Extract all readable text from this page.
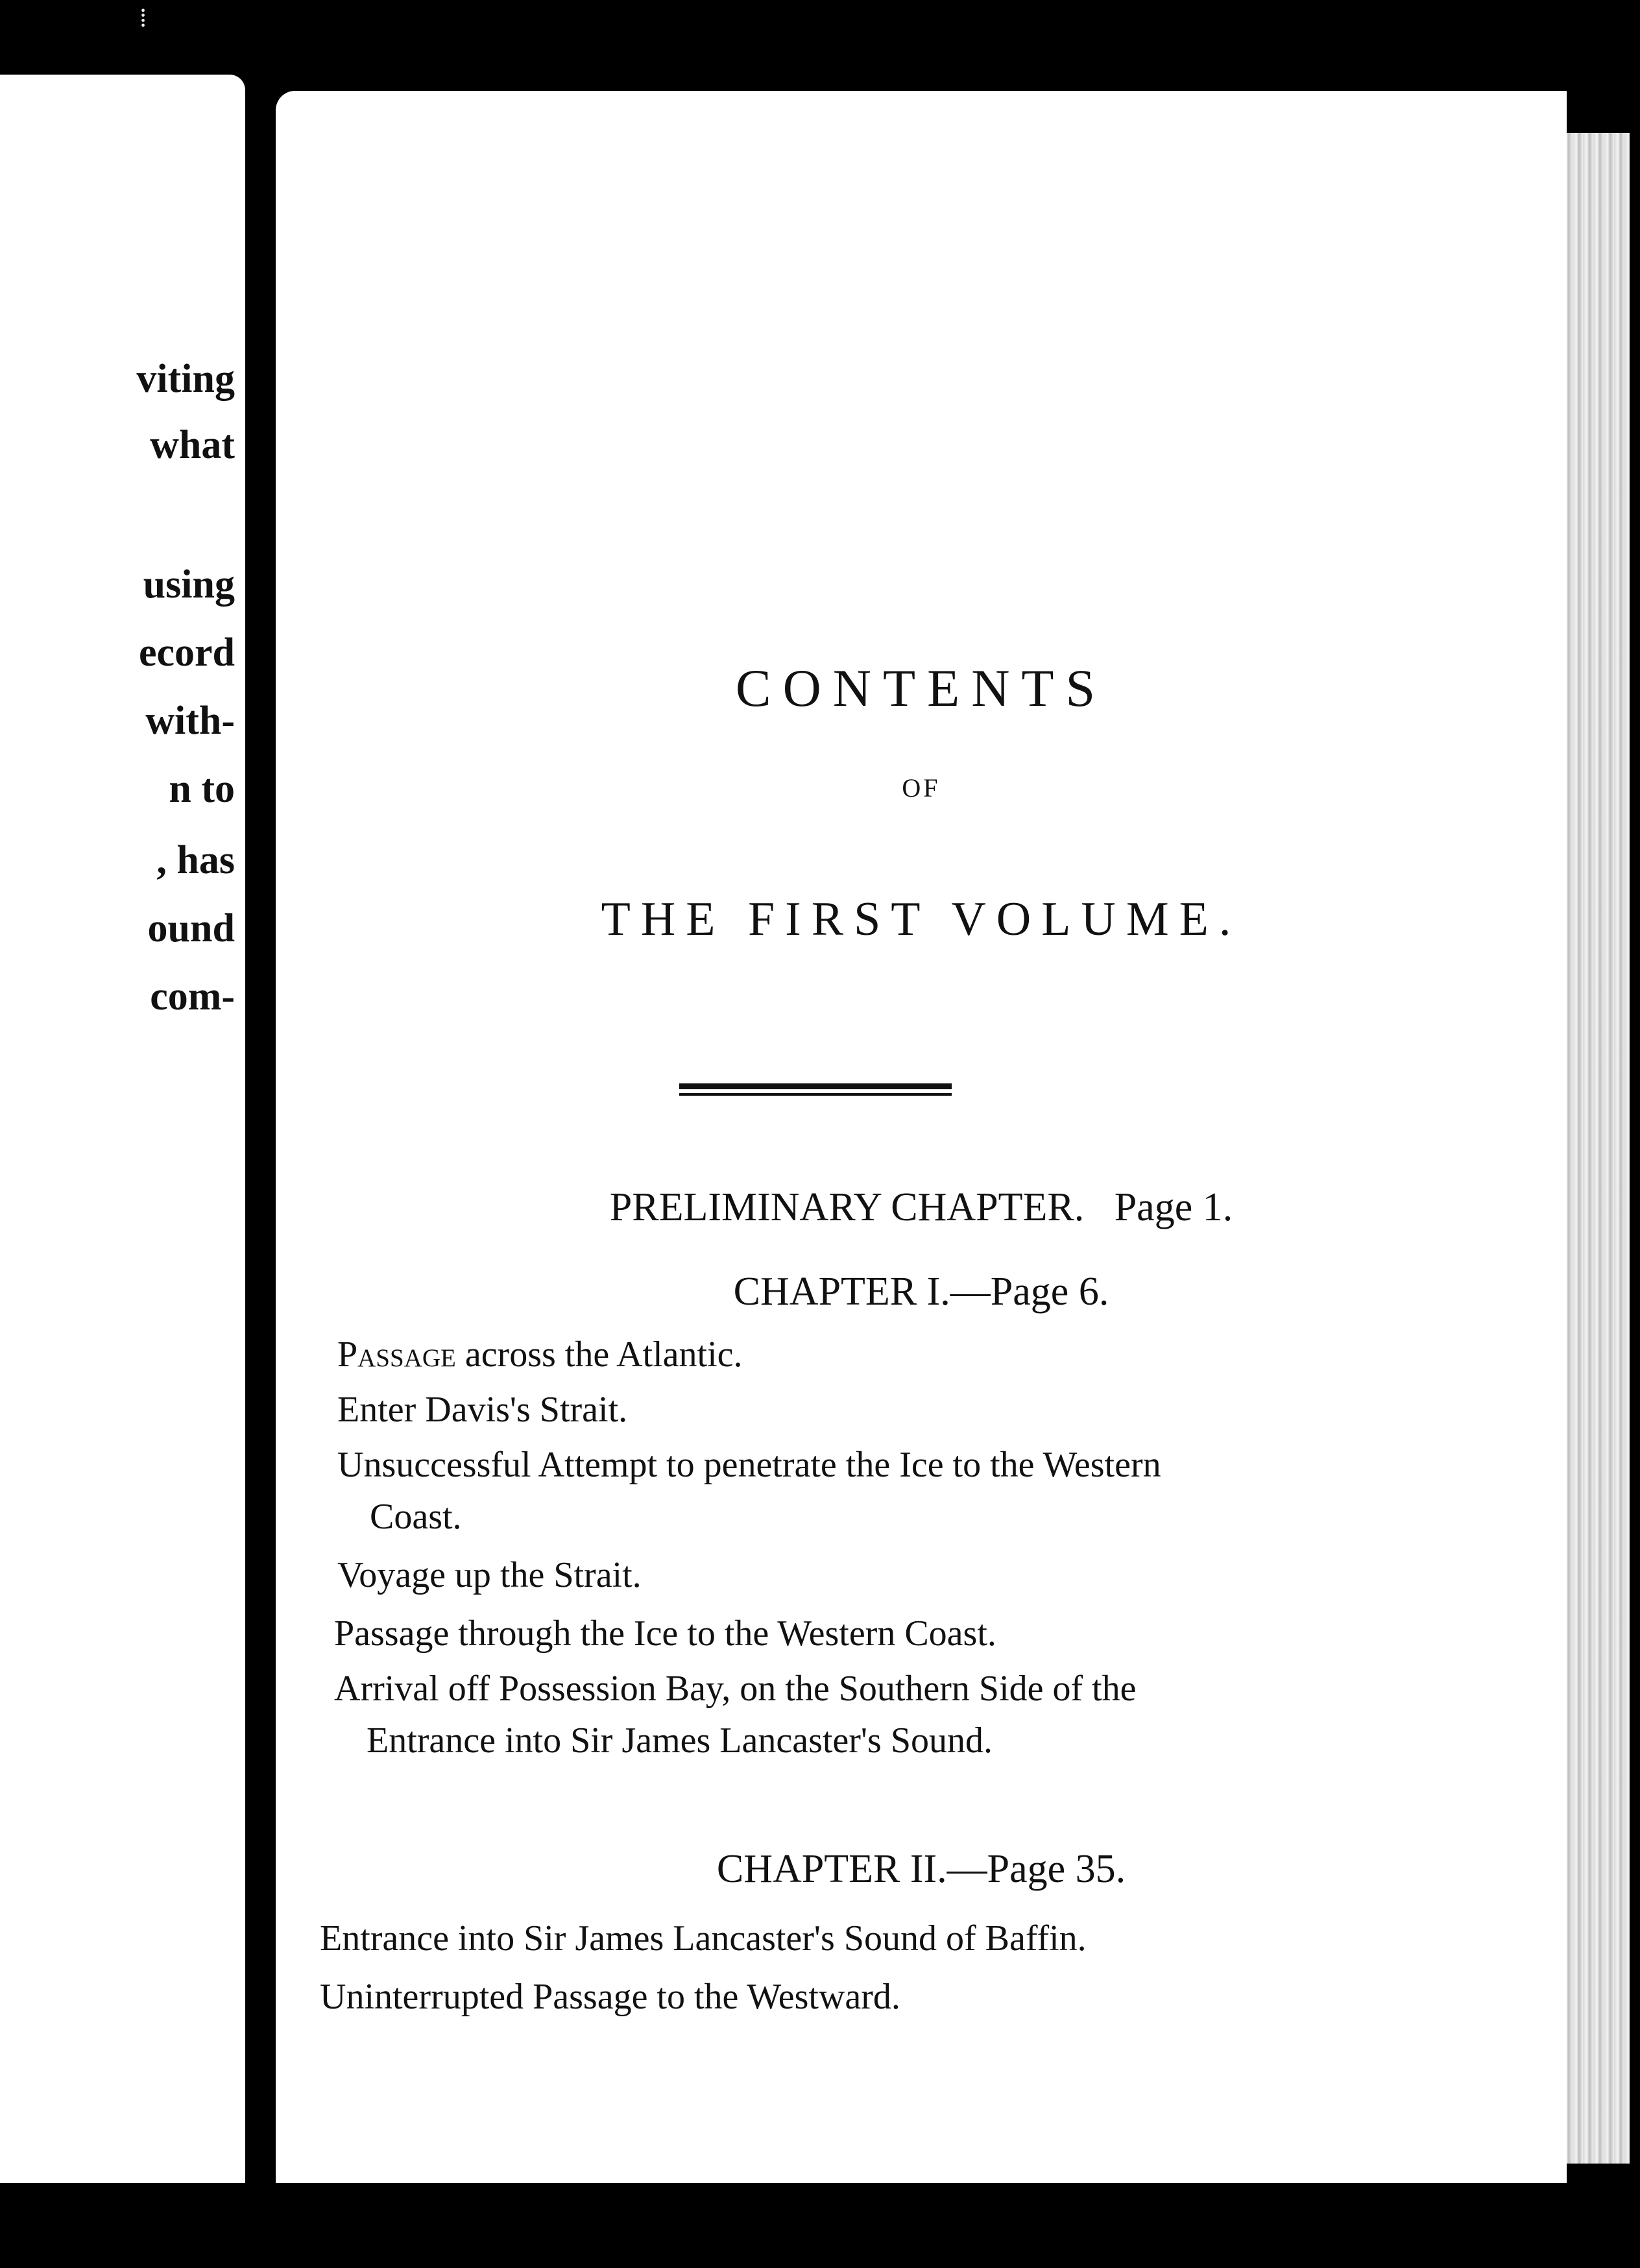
⁞
viting
what
using
ecord
with-
n to
, has
ound
com-
CONTENTS
OF
THE FIRST VOLUME.
PRELIMINARY CHAPTER. Page 1.
CHAPTER I.—Page 6.
Passage across the Atlantic.
Enter Davis's Strait.
Unsuccessful Attempt to penetrate the Ice to the Western
Coast.
Voyage up the Strait.
Passage through the Ice to the Western Coast.
Arrival off Possession Bay, on the Southern Side of the
Entrance into Sir James Lancaster's Sound.
CHAPTER II.—Page 35.
Entrance into Sir James Lancaster's Sound of Baffin.
Uninterrupted Passage to the Westward.
